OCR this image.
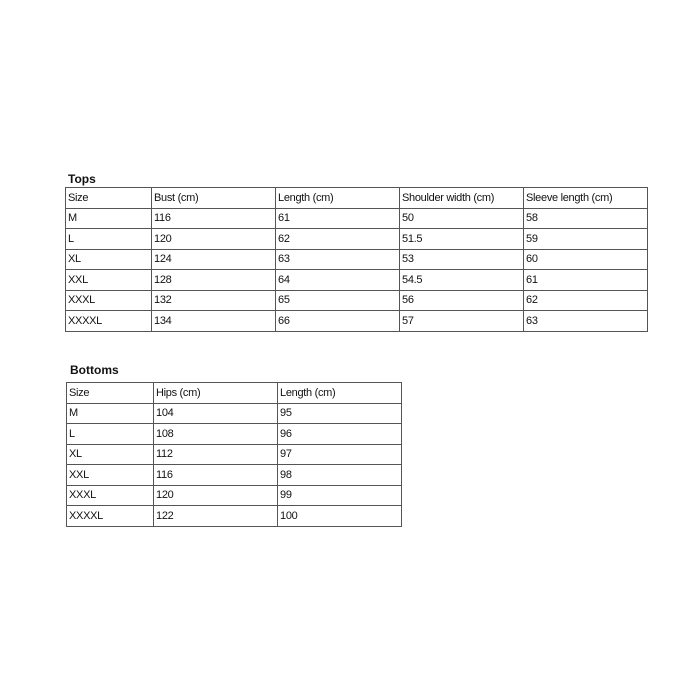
Tops
Size	Bust (cm)	Length (cm)	Shoulder width (cm)	Sleeve length (cm)
M	116	61	50	58
L	120	62	51.5	59
XL	124	63	53	60
XXL	128	64	54.5	61
XXXL	132	65	56	62
XXXXL	134	66	57	63
Bottoms
Size	Hips (cm)	Length (cm)
M	104	95
L	108	96
XL	112	97
XXL	116	98
XXXL	120	99
XXXXL	122	100
